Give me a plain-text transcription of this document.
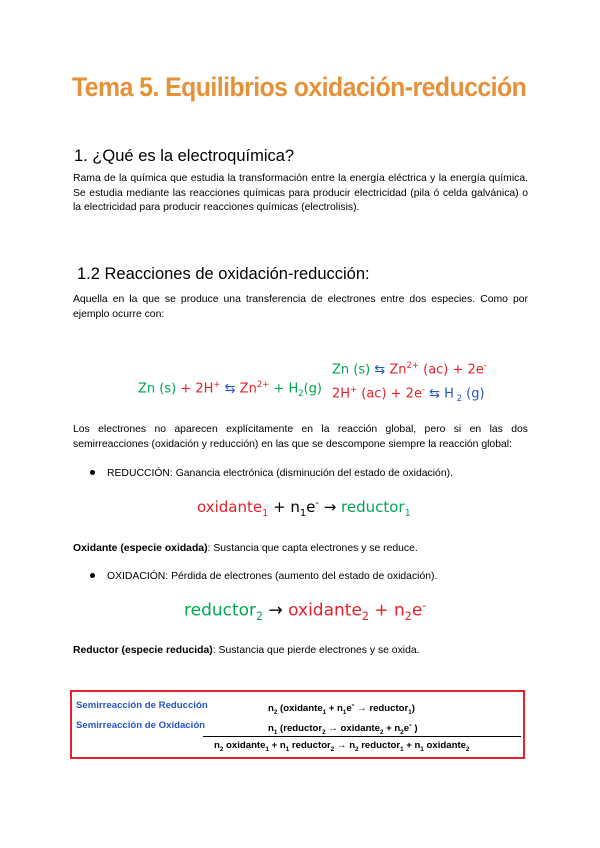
Tema 5. Equilibrios oxidación-reducción
1. ¿Qué es la electroquímica?
Rama de la química que estudia la transformación entre la energía eléctrica y la energía química. Se estudia mediante las reacciones químicas para producir electricidad (pila ó celda galvánica) o la electricidad para producir reacciones químicas (electrolisis).
1.2 Reacciones de oxidación-reducción:
Aquella en la que se produce una transferencia de electrones entre dos especies. Como por ejemplo ocurre con:
Zn (s) + 2H+ ⇆ $Zn^{2+} + H_2(g)$
Zn (s) ⇆ $Zn^{2+}$ (ac) + 2e-
2H+ (ac) + 2e- ⇆ H $_2$ (g)
Los electrones no aparecen explícitamente en la reacción global, pero si en las dos semirreacciones (oxidación y reducción) en las que se descompone siempre la reacción global:
REDUCCIÓN: Ganancia electrónica (disminución del estado de oxidación).
oxidante$_1$ + $n_1e^-$ → reductor$_1$
Oxidante (especie oxidada): Sustancia que capta electrones y se reduce.
OXIDACIÓN: Pérdida de electrones (aumento del estado de oxidación).
reductor$_2$ → oxidante$_2$ + $n_2e^-$
Reductor (especie reducida): Sustancia que pierde electrones y se oxida.
Semirreacción de Reducción
Semirreacción de Oxidación
$n_2$ (oxidante$_1$ + $n_1e^-$ → reductor$_1$)
$n_1$ (reductor$_2$ → oxidante$_2$ + $n_2e^-$ )
$n_2$ oxidante$_1$ + $n_1$ reductor$_2$ → $n_2$ reductor$_1$ + $n_1$ oxidante$_2$
